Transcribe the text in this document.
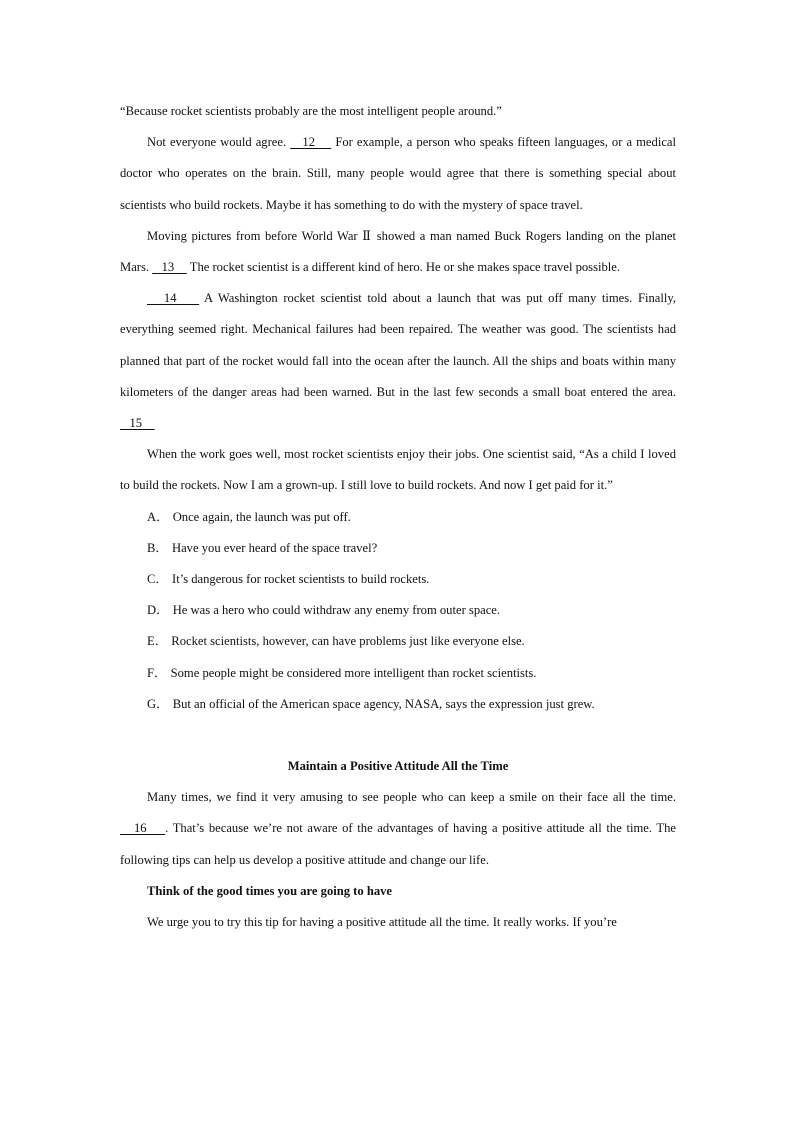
“Because rocket scientists probably are the most intelligent people around.”

Not everyone would agree.    12     For example, a person who speaks fifteen languages, or a medical doctor who operates on the brain. Still, many people would agree that there is something special about scientists who build rockets. Maybe it has something to do with the mystery of space travel.

Moving pictures from before World War Ⅱ showed a man named Buck Rogers landing on the planet Mars.    13     The rocket scientist is a different kind of hero. He or she makes space travel possible.

14     A Washington rocket scientist told about a launch that was put off many times. Finally, everything seemed right. Mechanical failures had been repaired. The weather was good. The scientists had planned that part of the rocket would fall into the ocean after the launch. All the ships and boats within many kilometers of the danger areas had been warned. But in the last few seconds a small boat entered the area.    15

When the work goes well, most rocket scientists enjoy their jobs. One scientist said, “As a child I loved to build the rockets. Now I am a grown-up. I still love to build rockets. And now I get paid for it.”

A． Once again, the launch was put off.

B． Have you ever heard of the space travel?

C． It’s dangerous for rocket scientists to build rockets.

D． He was a hero who could withdraw any enemy from outer space.

E． Rocket scientists, however, can have problems just like everyone else.

F． Some people might be considered more intelligent than rocket scientists.

G． But an official of the American space agency, NASA, says the expression just grew.

Maintain a Positive Attitude All the Time

Many times, we find it very amusing to see people who can keep a smile on their face all the time.    16    . That’s because we’re not aware of the advantages of having a positive attitude all the time. The following tips can help us develop a positive attitude and change our life.

Think of the good times you are going to have

We urge you to try this tip for having a positive attitude all the time. It really works. If you’re
